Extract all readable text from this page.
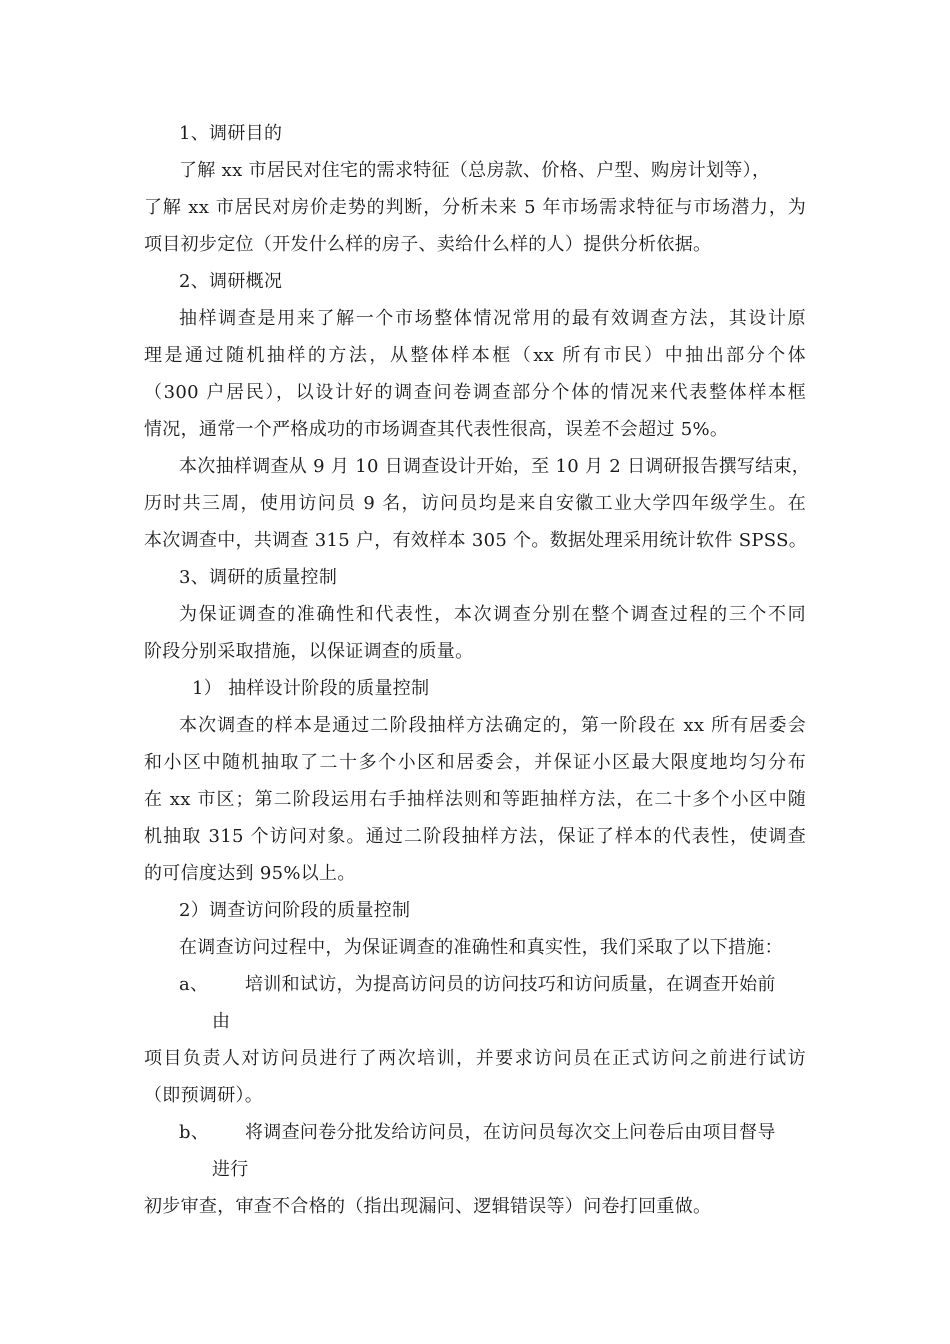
1、调研目的
了解 xx 市居民对住宅的需求特征（总房款、价格、户型、购房计划等），
了解 xx 市居民对房价走势的判断，分析未来 5 年市场需求特征与市场潜力，为
项目初步定位（开发什么样的房子、卖给什么样的人）提供分析依据。
2、调研概况
抽样调查是用来了解一个市场整体情况常用的最有效调查方法，其设计原
理是通过随机抽样的方法，从整体样本框（xx 所有市民）中抽出部分个体
（300 户居民），以设计好的调查问卷调查部分个体的情况来代表整体样本框
情况，通常一个严格成功的市场调查其代表性很高，误差不会超过 5%。
本次抽样调查从 9 月 10 日调查设计开始，至 10 月 2 日调研报告撰写结束，
历时共三周，使用访问员 9 名，访问员均是来自安徽工业大学四年级学生。在
本次调查中，共调查 315 户，有效样本 305 个。数据处理采用统计软件 SPSS。
3、调研的质量控制
为保证调查的准确性和代表性，本次调查分别在整个调查过程的三个不同
阶段分别采取措施，以保证调查的质量。
1） 抽样设计阶段的质量控制
本次调查的样本是通过二阶段抽样方法确定的，第一阶段在 xx 所有居委会
和小区中随机抽取了二十多个小区和居委会，并保证小区最大限度地均匀分布
在 xx 市区；第二阶段运用右手抽样法则和等距抽样方法，在二十多个小区中随
机抽取 315 个访问对象。通过二阶段抽样方法，保证了样本的代表性，使调查
的可信度达到 95%以上。
2）调查访问阶段的质量控制
在调查访问过程中，为保证调查的准确性和真实性，我们采取了以下措施：
a、 培训和试访，为提高访问员的访问技巧和访问质量，在调查开始前
由
项目负责人对访问员进行了两次培训，并要求访问员在正式访问之前进行试访
（即预调研）。
b、 将调查问卷分批发给访问员，在访问员每次交上问卷后由项目督导
进行
初步审查，审查不合格的（指出现漏问、逻辑错误等）问卷打回重做。
